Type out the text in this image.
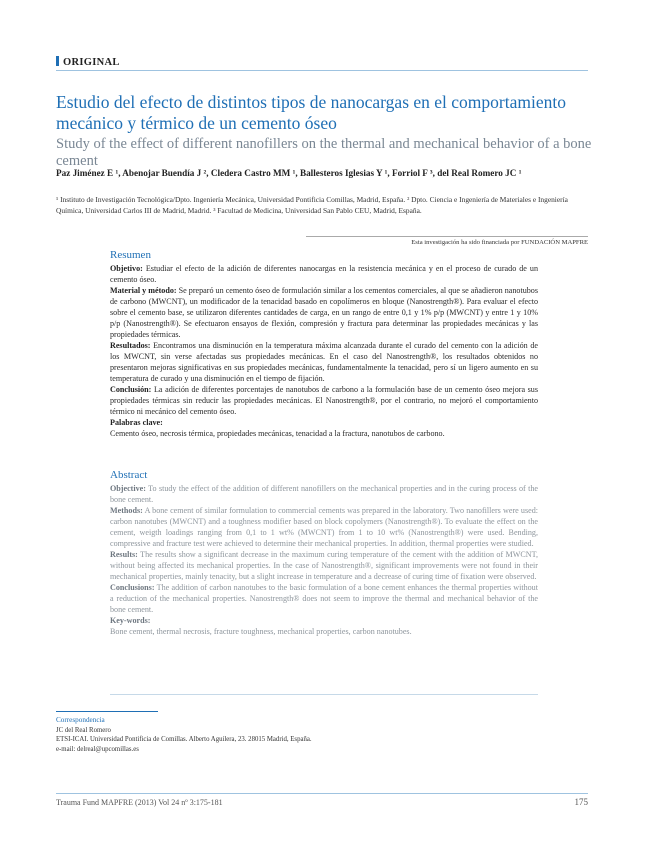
ORIGINAL
Estudio del efecto de distintos tipos de nanocargas en el comportamiento mecánico y térmico de un cemento óseo
Study of the effect of different nanofillers on the thermal and mechanical behavior of a bone cement
Paz Jiménez E ¹, Abenojar Buendía J ², Cledera Castro MM ¹, Ballesteros Iglesias Y ¹, Forriol F ³, del Real Romero JC ¹
¹ Instituto de Investigación Tecnológica/Dpto. Ingeniería Mecánica, Universidad Pontificia Comillas, Madrid, España. ² Dpto. Ciencia e Ingeniería de Materiales e Ingeniería Química, Universidad Carlos III de Madrid, Madrid. ³ Facultad de Medicina, Universidad San Pablo CEU, Madrid, España.
Esta investigación ha sido financiada por FUNDACIÓN MAPFRE
Resumen

Objetivo: Estudiar el efecto de la adición de diferentes nanocargas en la resistencia mecánica y en el proceso de curado de un cemento óseo.

Material y método: Se preparó un cemento óseo de formulación similar a los cementos comerciales, al que se añadieron nanotubos de carbono (MWCNT), un modificador de la tenacidad basado en copolímeros en bloque (Nanostrength®). Para evaluar el efecto sobre el cemento base, se utilizaron diferentes cantidades de carga, en un rango de entre 0,1 y 1% p/p (MWCNT) y entre 1 y 10% p/p (Nanostrength®). Se efectuaron ensayos de flexión, compresión y fractura para determinar las propiedades mecánicas y las propiedades térmicas.

Resultados: Encontramos una disminución en la temperatura máxima alcanzada durante el curado del cemento con la adición de los MWCNT, sin verse afectadas sus propiedades mecánicas. En el caso del Nanostrength®, los resultados obtenidos no presentaron mejoras significativas en sus propiedades mecánicas, fundamentalmente la tenacidad, pero sí un ligero aumento en su temperatura de curado y una disminución en el tiempo de fijación.

Conclusión: La adición de diferentes porcentajes de nanotubos de carbono a la formulación base de un cemento óseo mejora sus propiedades térmicas sin reducir las propiedades mecánicas. El Nanostrength®, por el contrario, no mejoró el comportamiento térmico ni mecánico del cemento óseo.

Palabras clave:

Cemento óseo, necrosis térmica, propiedades mecánicas, tenacidad a la fractura, nanotubos de carbono.

Abstract

Objective: To study the effect of the addition of different nanofillers on the mechanical properties and in the curing process of the bone cement.

Methods: A bone cement of similar formulation to commercial cements was prepared in the laboratory. Two nanofillers were used: carbon nanotubes (MWCNT) and a toughness modifier based on block copolymers (Nanostrength®). To evaluate the effect on the cement, weigth loadings ranging from 0,1 to 1 wt% (MWCNT) from 1 to 10 wt% (Nanostrength®) were used. Bending, compressive and fracture test were achieved to determine their mechanical properties. In addition, thermal properties were studied.

Results: The results show a significant decrease in the maximum curing temperature of the cement with the addition of MWCNT, without being affected its mechanical properties. In the case of Nanostrength®, significant improvements were not found in their mechanical properties, mainly tenacity, but a slight increase in temperature and a decrease of curing time of fixation were observed.

Conclusions: The addition of carbon nanotubes to the basic formulation of a bone cement enhances the thermal properties without a reduction of the mechanical properties. Nanostrength® does not seem to improve the thermal and mechanical behavior of the bone cement.

Key-words:

Bone cement, thermal necrosis, fracture toughness, mechanical properties, carbon nanotubes.

Correspondencia
JC del Real Romero
ETSI-ICAI. Universidad Pontificia de Comillas. Alberto Aguilera, 23. 28015 Madrid, España.
e-mail: delreal@upcomillas.es
Trauma Fund MAPFRE (2013) Vol 24 nº 3:175-181	175
